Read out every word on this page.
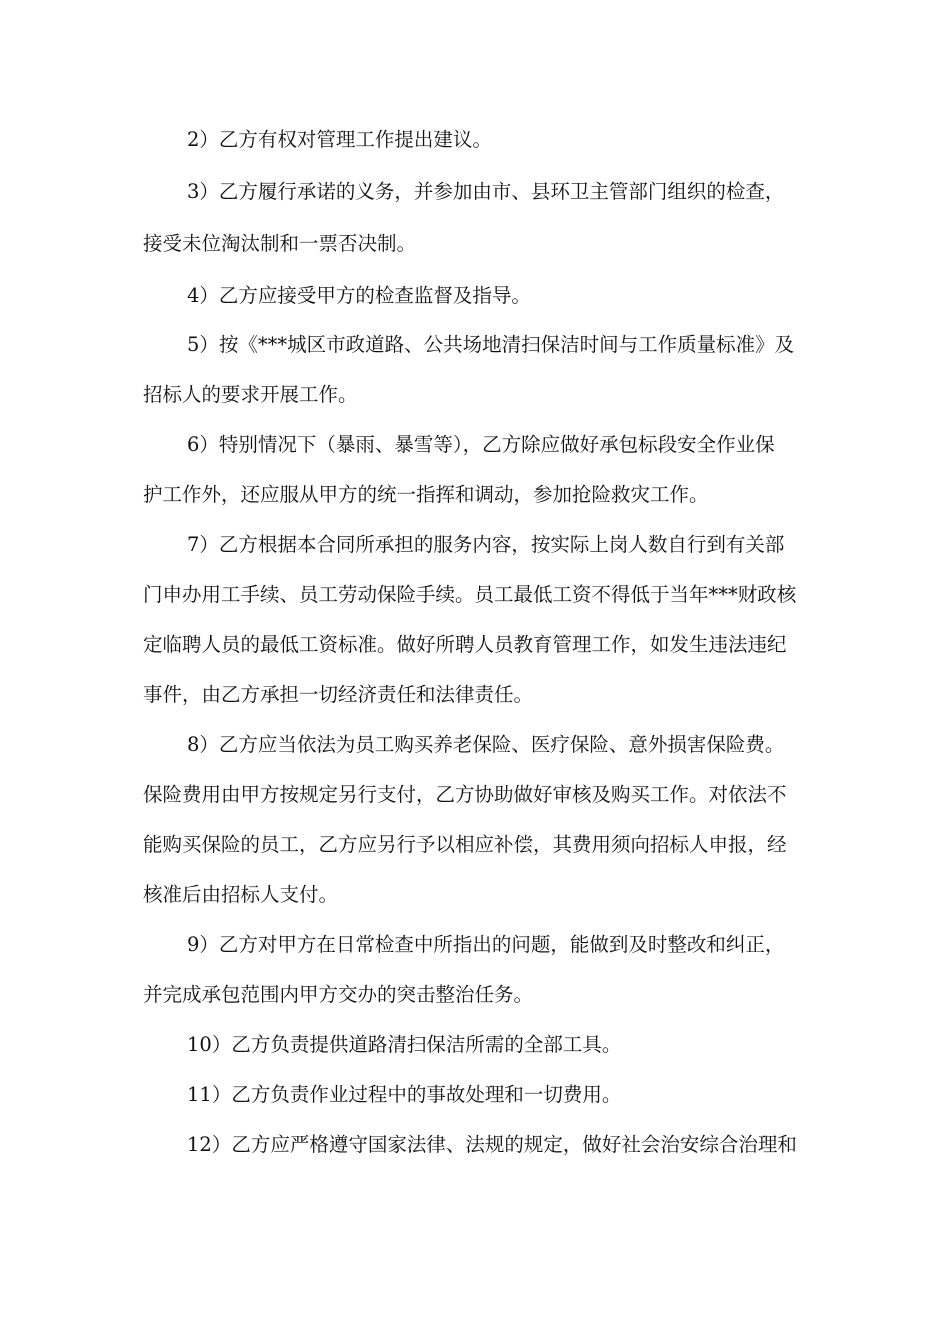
2）乙方有权对管理工作提出建议。
3）乙方履行承诺的义务，并参加由市、县环卫主管部门组织的检查，
接受未位淘汰制和一票否决制。
4）乙方应接受甲方的检查监督及指导。
5）按《***城区市政道路、公共场地清扫保洁时间与工作质量标准》及
招标人的要求开展工作。
6）特别情况下（暴雨、暴雪等），乙方除应做好承包标段安全作业保
护工作外，还应服从甲方的统一指挥和调动，参加抢险救灾工作。
7）乙方根据本合同所承担的服务内容，按实际上岗人数自行到有关部
门申办用工手续、员工劳动保险手续。员工最低工资不得低于当年***财政核
定临聘人员的最低工资标准。做好所聘人员教育管理工作，如发生违法违纪
事件，由乙方承担一切经济责任和法律责任。
8）乙方应当依法为员工购买养老保险、医疗保险、意外损害保险费。
保险费用由甲方按规定另行支付，乙方协助做好审核及购买工作。对依法不
能购买保险的员工，乙方应另行予以相应补偿，其费用须向招标人申报，经
核准后由招标人支付。
9）乙方对甲方在日常检查中所指出的问题，能做到及时整改和纠正，
并完成承包范围内甲方交办的突击整治任务。
10）乙方负责提供道路清扫保洁所需的全部工具。
11）乙方负责作业过程中的事故处理和一切费用。
12）乙方应严格遵守国家法律、法规的规定，做好社会治安综合治理和
